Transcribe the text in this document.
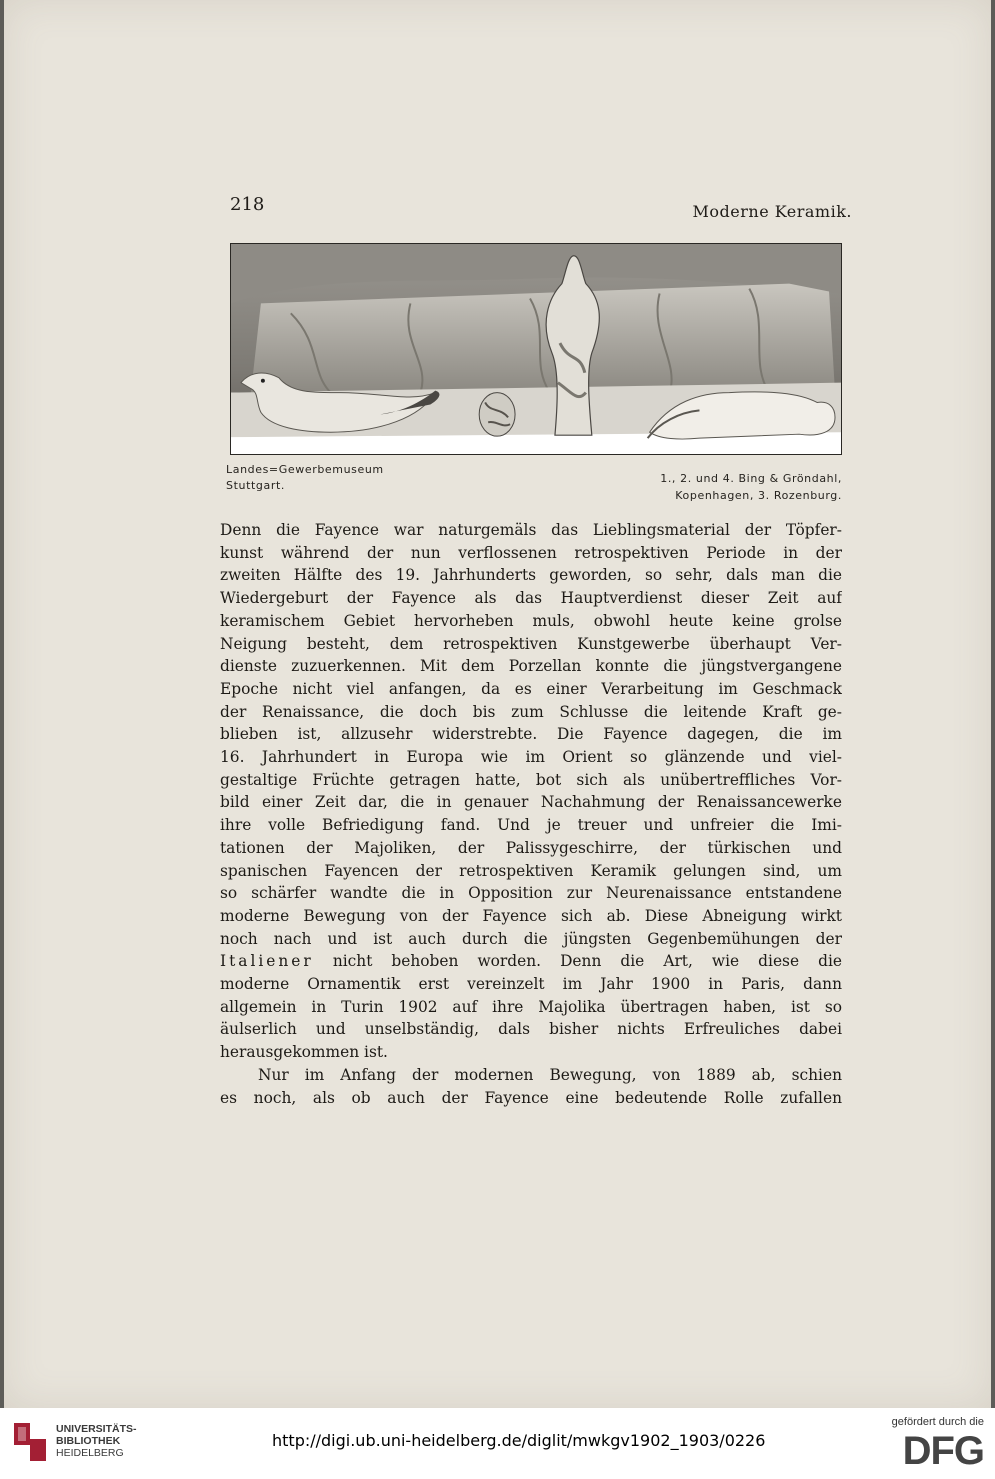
218	Moderne Keramik.
Landes=Gewerbemuseum
Stuttgart.
1., 2. und 4. Bing & Gröndahl,
Kopenhagen, 3. Rozenburg.
Denn die Fayence war naturgemäls das Lieblingsmaterial der Töpfer-
kunst während der nun verflossenen retrospektiven Periode in der
zweiten Hälfte des 19. Jahrhunderts geworden, so sehr, dals man die
Wiedergeburt der Fayence als das Hauptverdienst dieser Zeit auf
keramischem Gebiet hervorheben muls, obwohl heute keine grolse
Neigung besteht, dem retrospektiven Kunstgewerbe überhaupt Ver-
dienste zuzuerkennen. Mit dem Porzellan konnte die jüngstvergangene
Epoche nicht viel anfangen, da es einer Verarbeitung im Geschmack
der Renaissance, die doch bis zum Schlusse die leitende Kraft ge-
blieben ist, allzusehr widerstrebte. Die Fayence dagegen, die im
16. Jahrhundert in Europa wie im Orient so glänzende und viel-
gestaltige Früchte getragen hatte, bot sich als unübertreffliches Vor-
bild einer Zeit dar, die in genauer Nachahmung der Renaissancewerke
ihre volle Befriedigung fand. Und je treuer und unfreier die Imi-
tationen der Majoliken, der Palissygeschirre, der türkischen und
spanischen Fayencen der retrospektiven Keramik gelungen sind, um
so schärfer wandte die in Opposition zur Neurenaissance entstandene
moderne Bewegung von der Fayence sich ab. Diese Abneigung wirkt
noch nach und ist auch durch die jüngsten Gegenbemühungen der
Italiener nicht behoben worden. Denn die Art, wie diese die
moderne Ornamentik erst vereinzelt im Jahr 1900 in Paris, dann
allgemein in Turin 1902 auf ihre Majolika übertragen haben, ist so
äulserlich und unselbständig, dals bisher nichts Erfreuliches dabei
herausgekommen ist.
Nur im Anfang der modernen Bewegung, von 1889 ab, schien
es noch, als ob auch der Fayence eine bedeutende Rolle zufallen
UNIVERSITÄTS-
BIBLIOTHEK
HEIDELBERG
http://digi.ub.uni-heidelberg.de/diglit/mwkgv1902_1903/0226
gefördert durch die
DFG
